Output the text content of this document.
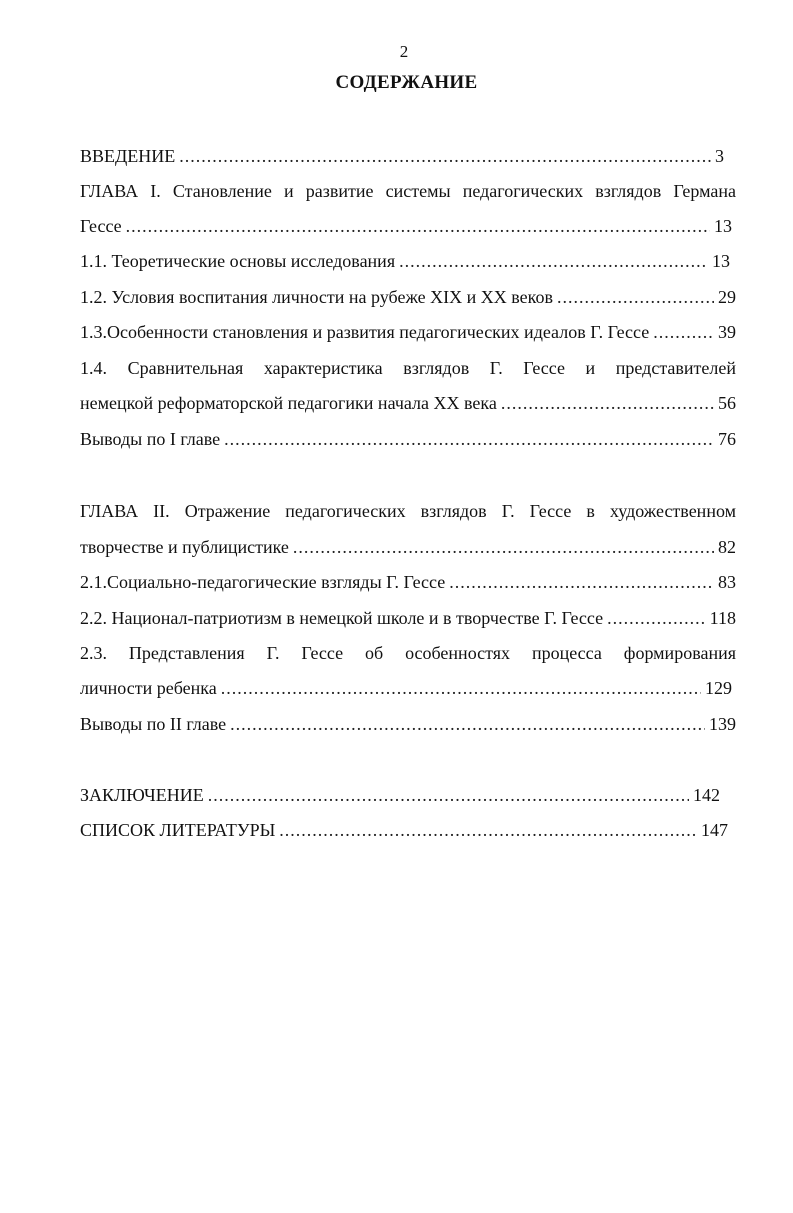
2
СОДЕРЖАНИЕ
ВВЕДЕНИЕ .....	3
ГЛАВА I. Становление и развитие системы педагогических взглядов Германа
Гессе .....	13
1.1. Теоретические основы исследования .....	13
1.2. Условия воспитания личности на рубеже XIX и XX веков .....	29
1.3.Особенности становления и развития педагогических идеалов Г. Гессе .....	39
1.4. Сравнительная характеристика взглядов Г. Гессе и представителей
немецкой реформаторской педагогики начала XX века .....	56
Выводы по I главе .....	76
ГЛАВА II. Отражение педагогических взглядов Г. Гессе в художественном
творчестве и публицистике .....	82
2.1.Социально-педагогические взгляды Г. Гессе .....	83
2.2. Национал-патриотизм в немецкой школе и в творчестве Г. Гессе .....	118
2.3. Представления Г. Гессе об особенностях процесса формирования
личности ребенка .....	129
Выводы по II главе .....	139
ЗАКЛЮЧЕНИЕ .....	142
СПИСОК ЛИТЕРАТУРЫ .....	147
